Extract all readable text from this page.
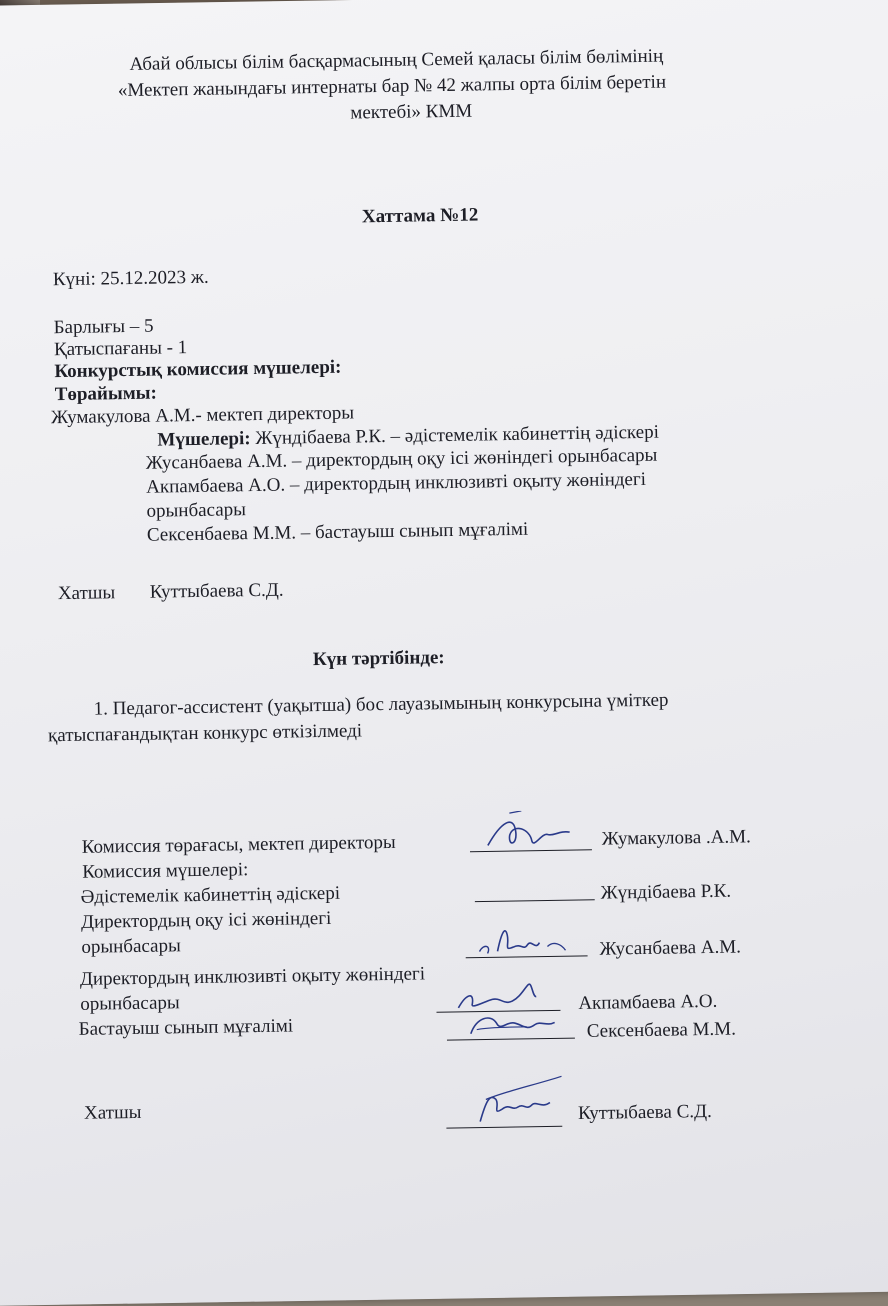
Абай облысы білім басқармасының Семей қаласы білім бөлімінің
«Мектеп жанындағы интернаты бар № 42 жалпы орта білім беретін
мектебі» КММ
Хаттама №12
Күні: 25.12.2023 ж.
Барлығы – 5
Қатыспағаны - 1
Конкурстық комиссия мүшелері:
Төрайымы:
Жумакулова А.М.- мектеп директоры
Мүшелері: Жүндібаева Р.К. – әдістемелік кабинеттің әдіскері
Жусанбаева А.М. – директордың оқу ісі жөніндегі орынбасары
Акпамбаева А.О. – директордың инклюзивті оқыту жөніндегі
орынбасары
Сексенбаева М.М. – бастауыш сынып мұғалімі
Хатшы Куттыбаева С.Д.
Күн тәртібінде:
1. Педагог-ассистент (уақытша) бос лауазымының конкурсына үміткер
қатыспағандықтан конкурс өткізілмеді
Комиссия төрағасы, мектеп директоры
Комиссия мүшелері:
Әдістемелік кабинеттің әдіскері
Директордың оқу ісі жөніндегі
орынбасары
Директордың инклюзивті оқыту жөніндегі
орынбасары
Бастауыш сынып мұғалімі
Хатшы
Жумакулова .А.М.
Жүндібаева Р.К.
Жусанбаева А.М.
Акпамбаева А.О.
Сексенбаева М.М.
Куттыбаева С.Д.
